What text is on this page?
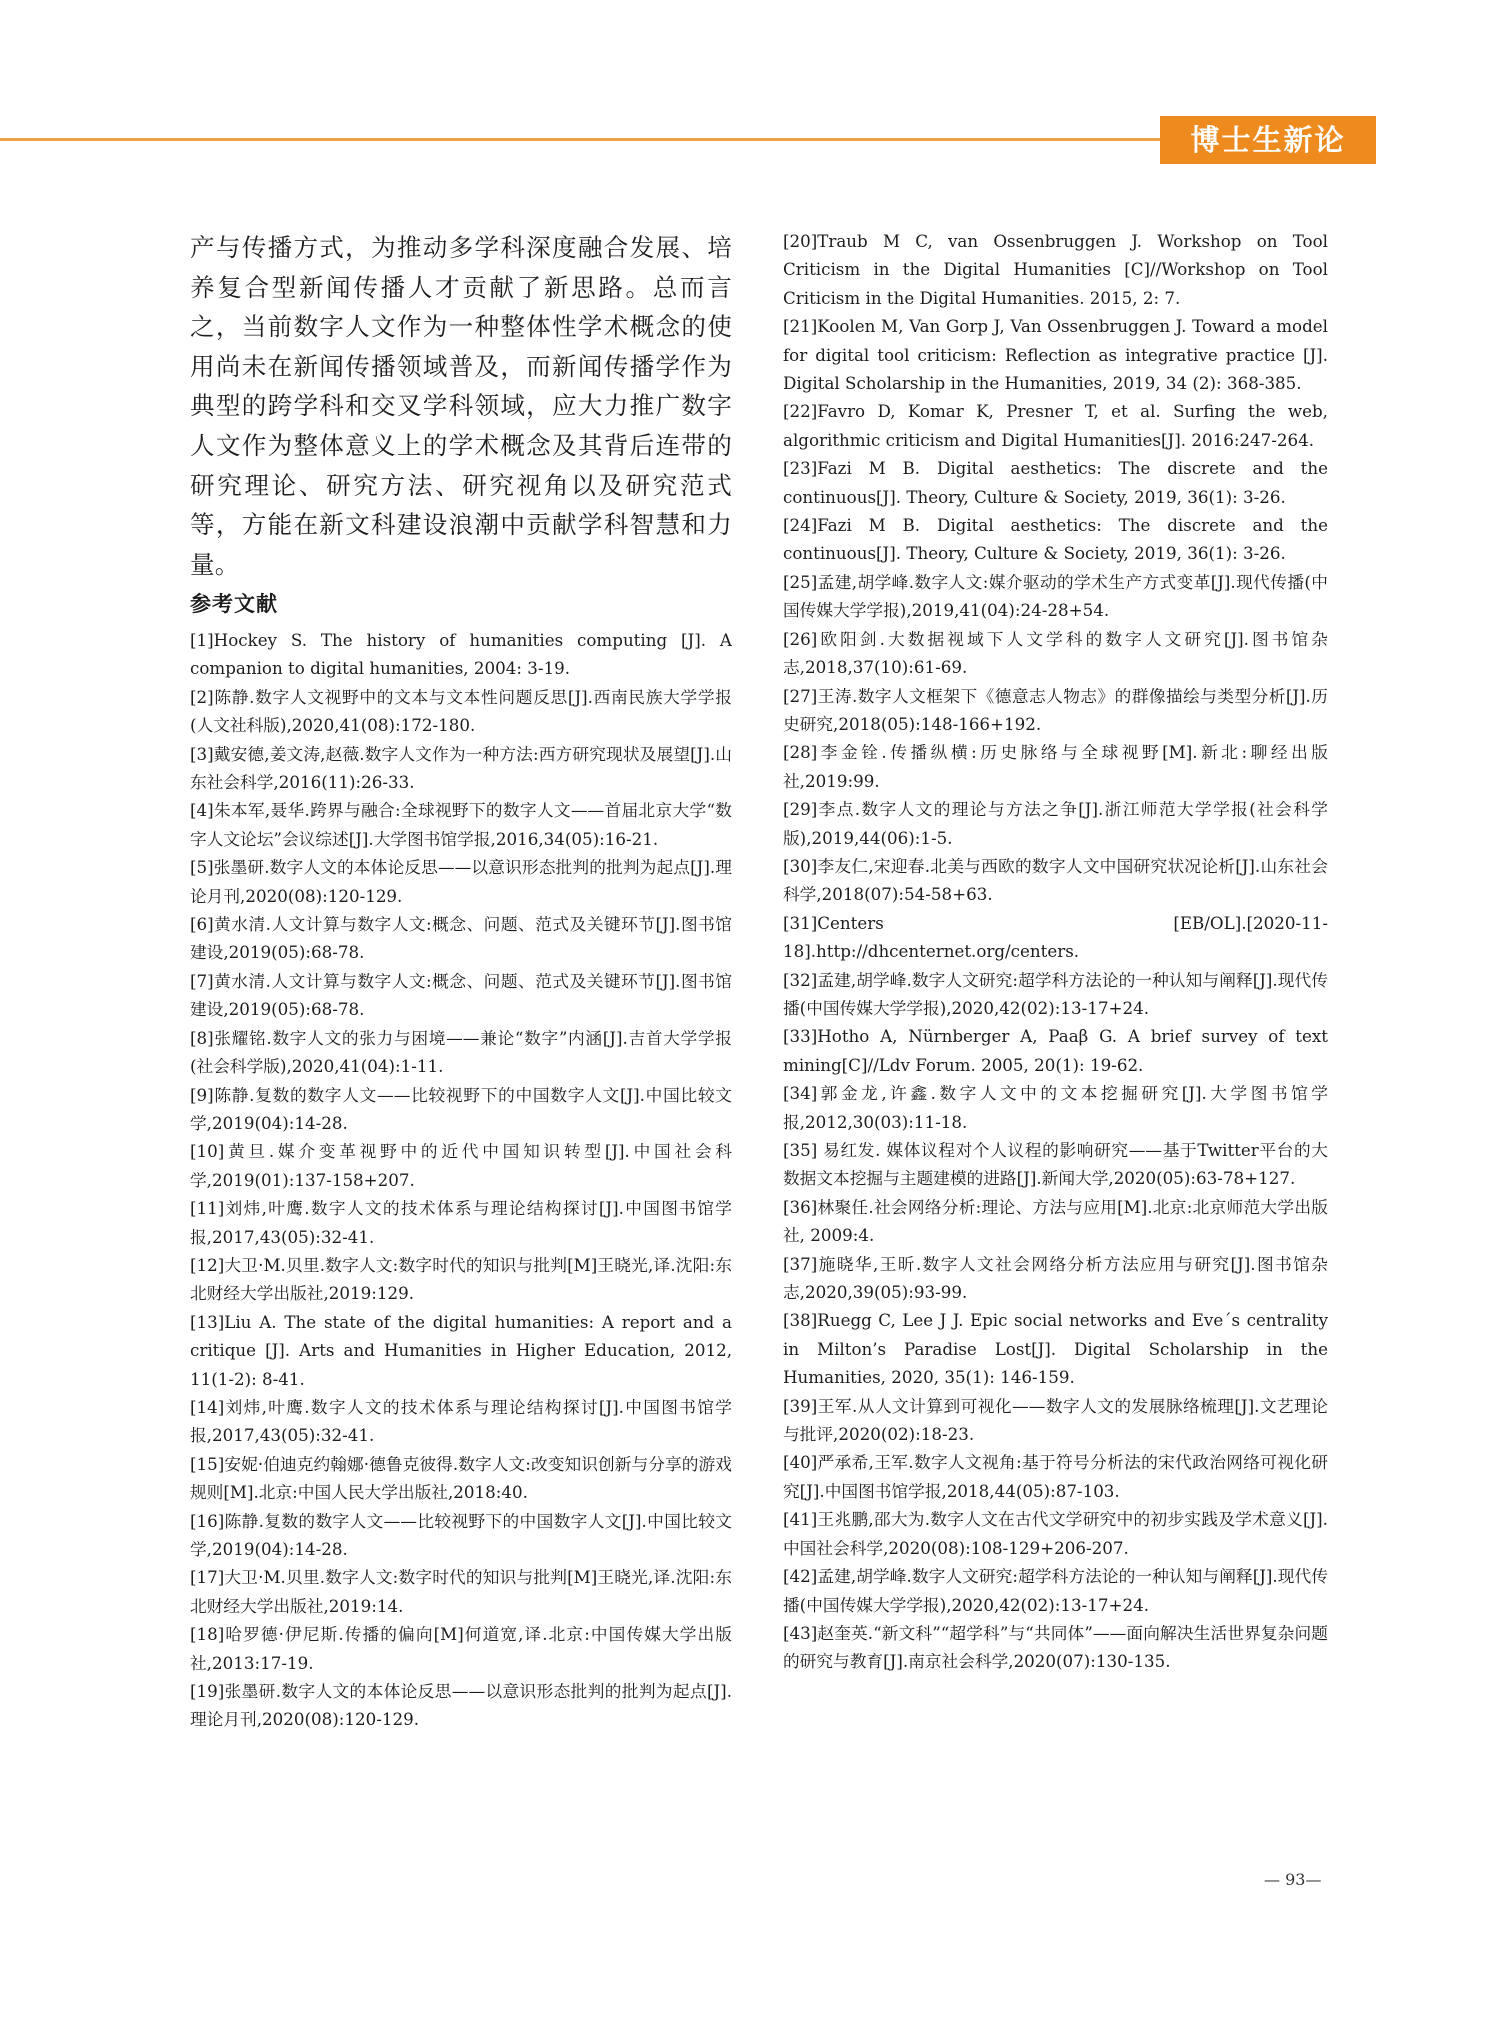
博士生新论

产与传播方式，为推动多学科深度融合发展、培养复合型新闻传播人才贡献了新思路。总而言之，当前数字人文作为一种整体性学术概念的使用尚未在新闻传播领域普及，而新闻传播学作为典型的跨学科和交叉学科领域，应大力推广数字人文作为整体意义上的学术概念及其背后连带的研究理论、研究方法、研究视角以及研究范式等，方能在新文科建设浪潮中贡献学科智慧和力量。

参考文献
[1]Hockey S. The history of humanities computing [J]. A companion to digital humanities, 2004: 3-19.
[2]陈静.数字人文视野中的文本与文本性问题反思[J].西南民族大学学报(人文社科版),2020,41(08):172-180.
[3]戴安德,姜文涛,赵薇.数字人文作为一种方法:西方研究现状及展望[J].山东社会科学,2016(11):26-33.
[4]朱本军,聂华.跨界与融合:全球视野下的数字人文——首届北京大学“数字人文论坛”会议综述[J].大学图书馆学报,2016,34(05):16-21.
[5]张墨研.数字人文的本体论反思——以意识形态批判的批判为起点[J].理论月刊,2020(08):120-129.
[6]黄水清.人文计算与数字人文:概念、问题、范式及关键环节[J].图书馆建设,2019(05):68-78.
[7]黄水清.人文计算与数字人文:概念、问题、范式及关键环节[J].图书馆建设,2019(05):68-78.
[8]张耀铭.数字人文的张力与困境——兼论“数字”内涵[J].吉首大学学报(社会科学版),2020,41(04):1-11.
[9]陈静.复数的数字人文——比较视野下的中国数字人文[J].中国比较文学,2019(04):14-28.
[10]黄旦.媒介变革视野中的近代中国知识转型[J].中国社会科学,2019(01):137-158+207.
[11]刘炜,叶鹰.数字人文的技术体系与理论结构探讨[J].中国图书馆学报,2017,43(05):32-41.
[12]大卫·M.贝里.数字人文:数字时代的知识与批判[M]王晓光,译.沈阳:东北财经大学出版社,2019:129.
[13]Liu A. The state of the digital humanities: A report and a critique [J]. Arts and Humanities in Higher Education, 2012, 11(1-2): 8-41.
[14]刘炜,叶鹰.数字人文的技术体系与理论结构探讨[J].中国图书馆学报,2017,43(05):32-41.
[15]安妮·伯迪克约翰娜·德鲁克彼得.数字人文:改变知识创新与分享的游戏规则[M].北京:中国人民大学出版社,2018:40.
[16]陈静.复数的数字人文——比较视野下的中国数字人文[J].中国比较文学,2019(04):14-28.
[17]大卫·M.贝里.数字人文:数字时代的知识与批判[M]王晓光,译.沈阳:东北财经大学出版社,2019:14.
[18]哈罗德·伊尼斯.传播的偏向[M]何道宽,译.北京:中国传媒大学出版社,2013:17-19.
[19]张墨研.数字人文的本体论反思——以意识形态批判的批判为起点[J].理论月刊,2020(08):120-129.
[20]Traub M C, van Ossenbruggen J. Workshop on Tool Criticism in the Digital Humanities [C]//Workshop on Tool Criticism in the Digital Humanities. 2015, 2: 7.
[21]Koolen M, Van Gorp J, Van Ossenbruggen J. Toward a model for digital tool criticism: Reflection as integrative practice [J]. Digital Scholarship in the Humanities, 2019, 34 (2): 368-385.
[22]Favro D, Komar K, Presner T, et al. Surfing the web, algorithmic criticism and Digital Humanities[J]. 2016:247-264.
[23]Fazi M B. Digital aesthetics: The discrete and the continuous[J]. Theory, Culture & Society, 2019, 36(1): 3-26.
[24]Fazi M B. Digital aesthetics: The discrete and the continuous[J]. Theory, Culture & Society, 2019, 36(1): 3-26.
[25]孟建,胡学峰.数字人文:媒介驱动的学术生产方式变革[J].现代传播(中国传媒大学学报),2019,41(04):24-28+54.
[26]欧阳剑.大数据视域下人文学科的数字人文研究[J].图书馆杂志,2018,37(10):61-69.
[27]王涛.数字人文框架下《德意志人物志》的群像描绘与类型分析[J].历史研究,2018(05):148-166+192.
[28]李金铨.传播纵横:历史脉络与全球视野[M].新北:聊经出版社,2019:99.
[29]李点.数字人文的理论与方法之争[J].浙江师范大学学报(社会科学版),2019,44(06):1-5.
[30]李友仁,宋迎春.北美与西欧的数字人文中国研究状况论析[J].山东社会科学,2018(07):54-58+63.
[31]Centers [EB/OL].[2020-11-18].http://dhcenternet.org/centers.
[32]孟建,胡学峰.数字人文研究:超学科方法论的一种认知与阐释[J].现代传播(中国传媒大学学报),2020,42(02):13-17+24.
[33]Hotho A, Nürnberger A, Paaβ G. A brief survey of text mining[C]//Ldv Forum. 2005, 20(1): 19-62.
[34]郭金龙,许鑫.数字人文中的文本挖掘研究[J].大学图书馆学报,2012,30(03):11-18.
[35] 易红发. 媒体议程对个人议程的影响研究——基于Twitter平台的大数据文本挖掘与主题建模的进路[J].新闻大学,2020(05):63-78+127.
[36]林聚任.社会网络分析:理论、方法与应用[M].北京:北京师范大学出版社, 2009:4.
[37]施晓华,王昕.数字人文社会网络分析方法应用与研究[J].图书馆杂志,2020,39(05):93-99.
[38]Ruegg C, Lee J J. Epic social networks and Eve´s centrality in Milton’s Paradise Lost[J]. Digital Scholarship in the Humanities, 2020, 35(1): 146-159.
[39]王军.从人文计算到可视化——数字人文的发展脉络梳理[J].文艺理论与批评,2020(02):18-23.
[40]严承希,王军.数字人文视角:基于符号分析法的宋代政治网络可视化研究[J].中国图书馆学报,2018,44(05):87-103.
[41]王兆鹏,邵大为.数字人文在古代文学研究中的初步实践及学术意义[J].中国社会科学,2020(08):108-129+206-207.
[42]孟建,胡学峰.数字人文研究:超学科方法论的一种认知与阐释[J].现代传播(中国传媒大学学报),2020,42(02):13-17+24.
[43]赵奎英.“新文科”“超学科”与“共同体”——面向解决生活世界复杂问题的研究与教育[J].南京社会科学,2020(07):130-135.
— 93—
